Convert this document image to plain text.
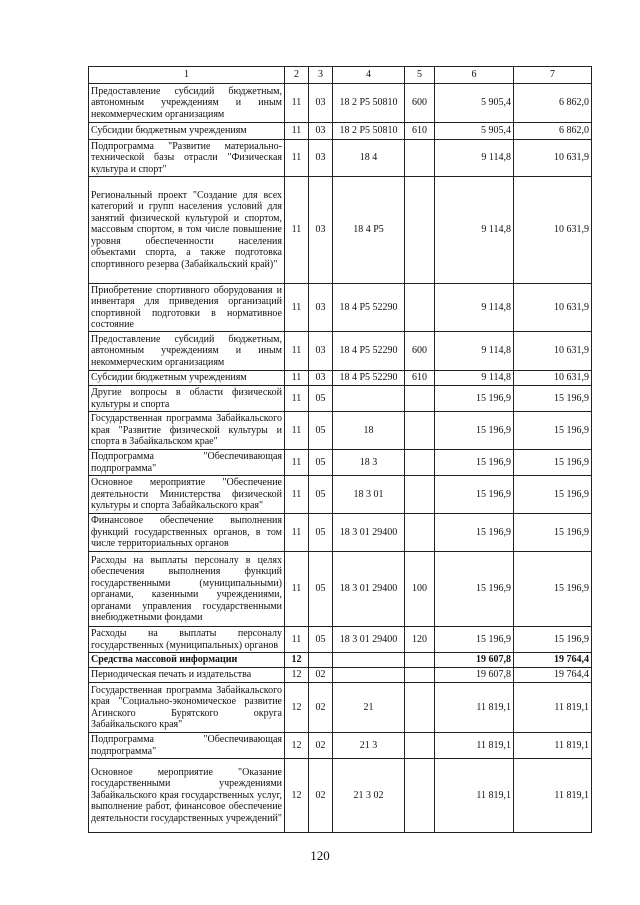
1	2	3	4	5	6	7
Предоставление субсидий бюджетным, автономным учреждениям и иным некоммерческим организациям	11	03	18 2 P5 50810	600	5 905,4	6 862,0
Субсидии бюджетным учреждениям	11	03	18 2 P5 50810	610	5 905,4	6 862,0
Подпрограмма "Развитие материально-технической базы отрасли "Физическая культура и спорт"	11	03	18 4		9 114,8	10 631,9
Региональный проект "Создание для всех категорий и групп населения условий для занятий физической культурой и спортом, массовым спортом, в том числе повышение уровня обеспеченности населения объектами спорта, а также подготовка спортивного резерва (Забайкальский край)"	11	03	18 4 P5		9 114,8	10 631,9
Приобретение спортивного оборудования и инвентаря для приведения организаций спортивной подготовки в нормативное состояние	11	03	18 4 P5 52290		9 114,8	10 631,9
Предоставление субсидий бюджетным, автономным учреждениям и иным некоммерческим организациям	11	03	18 4 P5 52290	600	9 114,8	10 631,9
Субсидии бюджетным учреждениям	11	03	18 4 P5 52290	610	9 114,8	10 631,9
Другие вопросы в области физической культуры и спорта	11	05			15 196,9	15 196,9
Государственная программа Забайкальского края "Развитие физической культуры и спорта в Забайкальском крае"	11	05	18		15 196,9	15 196,9
Подпрограмма "Обеспечивающая подпрограмма"	11	05	18 3		15 196,9	15 196,9
Основное мероприятие "Обеспечение деятельности Министерства физической культуры и спорта Забайкальского края"	11	05	18 3 01		15 196,9	15 196,9
Финансовое обеспечение выполнения функций государственных органов, в том числе территориальных органов	11	05	18 3 01 29400		15 196,9	15 196,9
Расходы на выплаты персоналу в целях обеспечения выполнения функций государственными (муниципальными) органами, казенными учреждениями, органами управления государственными внебюджетными фондами	11	05	18 3 01 29400	100	15 196,9	15 196,9
Расходы на выплаты персоналу государственных (муниципальных) органов	11	05	18 3 01 29400	120	15 196,9	15 196,9
Средства массовой информации	12				19 607,8	19 764,4
Периодическая печать и издательства	12	02			19 607,8	19 764,4
Государственная программа Забайкальского края "Социально-экономическое развитие Агинского Бурятского округа Забайкальского края"	12	02	21		11 819,1	11 819,1
Подпрограмма "Обеспечивающая подпрограмма"	12	02	21 3		11 819,1	11 819,1
Основное мероприятие "Оказание государственными учреждениями Забайкальского края государственных услуг, выполнение работ, финансовое обеспечение деятельности государственных учреждений"	12	02	21 3 02		11 819,1	11 819,1
120
